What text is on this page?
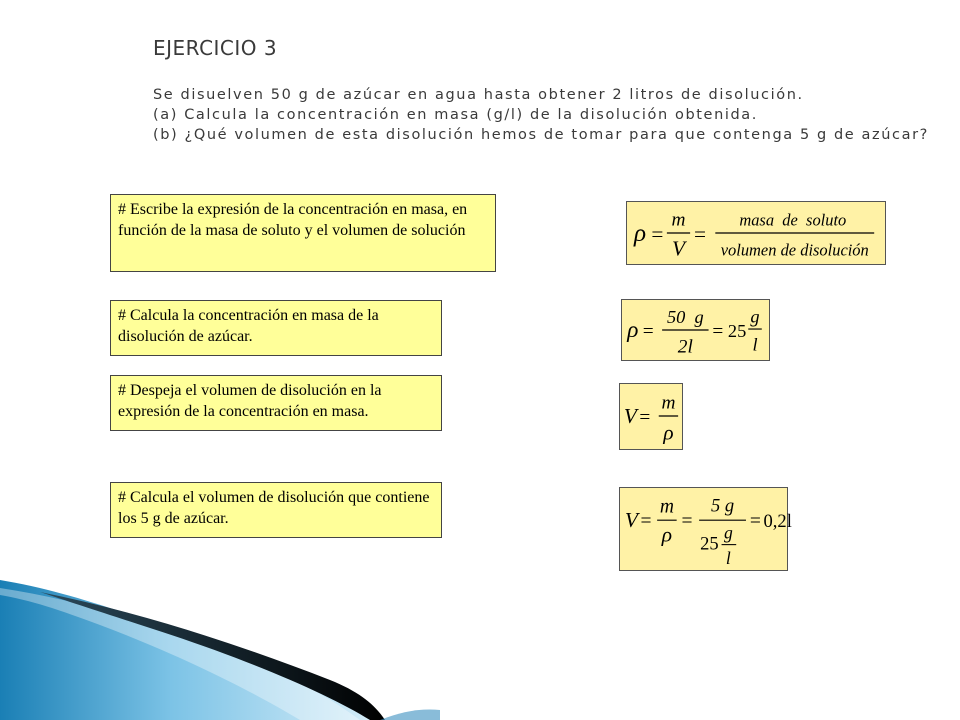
EJERCICIO 3
Se disuelven 50 g de azúcar en agua hasta obtener 2 litros de disolución.
(a) Calcula la concentración en masa (g/l) de la disolución obtenida.
(b) ¿Qué volumen de esta disolución hemos de tomar para que contenga 5 g de azúcar?
# Escribe la expresión de la concentración en masa, en función de la masa de soluto y el volumen de solución
# Calcula la concentración en masa de la disolución de azúcar.
# Despeja el volumen de disolución en la expresión de la concentración en masa.
# Calcula el volumen de disolución que contiene los 5 g de azúcar.
ρ =
m
V
=
masa  de  soluto
volumen de disolución
ρ =
50  g
2l
= 25
g
l
V =
m
ρ
V =
m
ρ
=
5 g
25
g
l
= 0,2l
